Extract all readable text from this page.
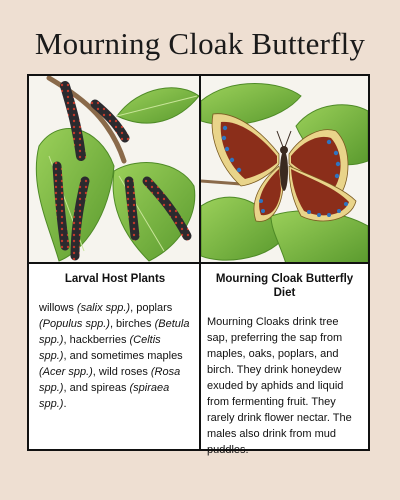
Mourning Cloak Butterfly
Larval Host Plants

willows (salix spp.), poplars (Populus spp.), birches (Betula spp.), hackberries (Celtis spp.), and sometimes maples (Acer spp.), wild roses (Rosa spp.), and spireas (spiraea spp.).

Mourning Cloak Butterfly Diet

Mourning Cloaks drink tree sap, preferring the sap from maples, oaks, poplars, and birch. They drink honeydew exuded by aphids and liquid from fermenting fruit. They rarely drink flower nectar. The males also drink from mud puddles.
